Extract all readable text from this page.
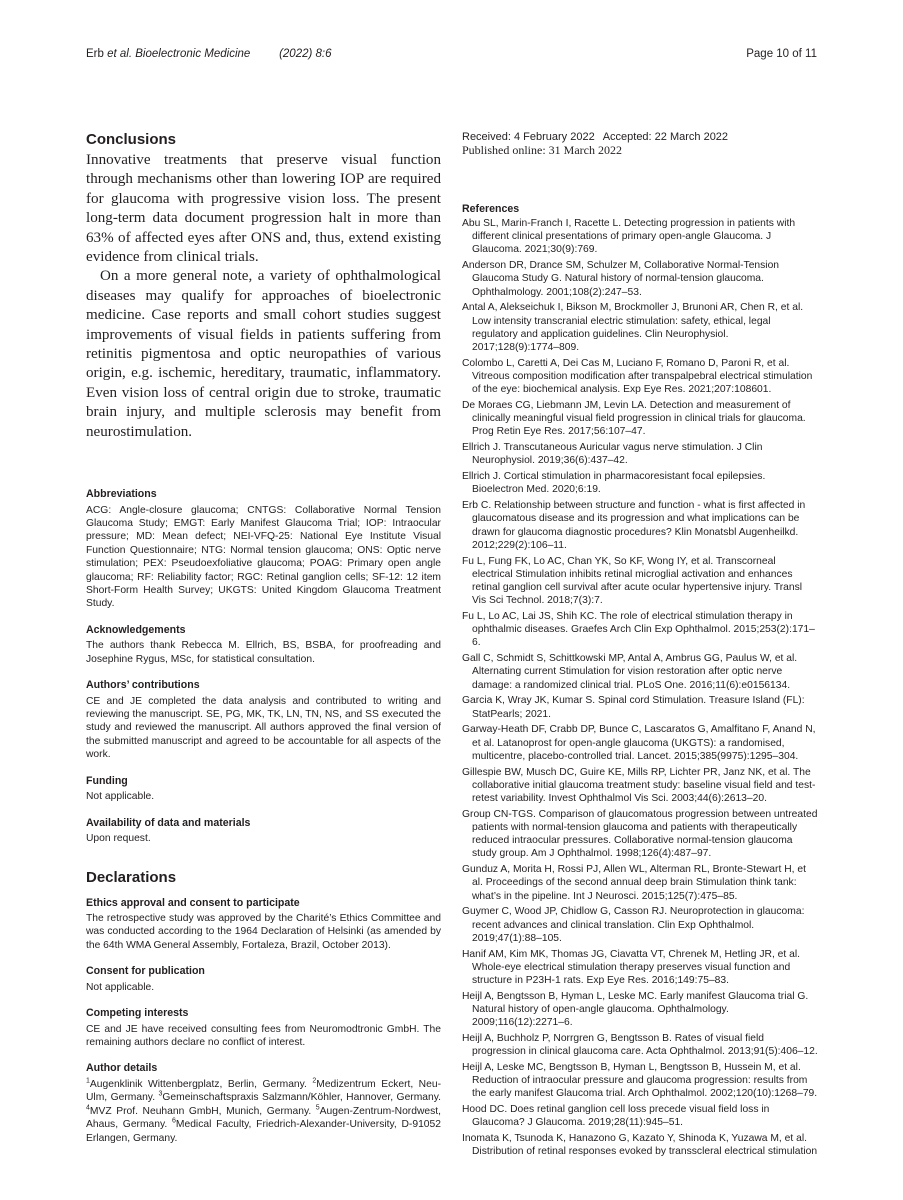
Erb et al. Bioelectronic Medicine	(2022) 8:6	Page 10 of 11
Conclusions

Innovative treatments that preserve visual function through mechanisms other than lowering IOP are required for glaucoma with progressive vision loss. The present long-term data document progression halt in more than 63% of affected eyes after ONS and, thus, extend existing evidence from clinical trials.

On a more general note, a variety of ophthalmological diseases may qualify for approaches of bioelectronic medicine. Case reports and small cohort studies suggest improvements of visual fields in patients suffering from retinitis pigmentosa and optic neuropathies of various origin, e.g. ischemic, hereditary, traumatic, inflammatory. Even vision loss of central origin due to stroke, traumatic brain injury, and multiple sclerosis may benefit from neurostimulation.

Abbreviations

ACG: Angle-closure glaucoma; CNTGS: Collaborative Normal Tension Glaucoma Study; EMGT: Early Manifest Glaucoma Trial; IOP: Intraocular pressure; MD: Mean defect; NEI-VFQ-25: National Eye Institute Visual Function Questionnaire; NTG: Normal tension glaucoma; ONS: Optic nerve stimulation; PEX: Pseudoexfoliative glaucoma; POAG: Primary open angle glaucoma; RF: Reliability factor; RGC: Retinal ganglion cells; SF-12: 12 item Short-Form Health Survey; UKGTS: United Kingdom Glaucoma Treatment Study.

Acknowledgements

The authors thank Rebecca M. Ellrich, BS, BSBA, for proofreading and Josephine Rygus, MSc, for statistical consultation.

Authors’ contributions

CE and JE completed the data analysis and contributed to writing and reviewing the manuscript. SE, PG, MK, TK, LN, TN, NS, and SS executed the study and reviewed the manuscript. All authors approved the final version of the submitted manuscript and agreed to be accountable for all aspects of the work.

Funding

Not applicable.

Availability of data and materials

Upon request.

Declarations
Ethics approval and consent to participate

The retrospective study was approved by the Charité’s Ethics Committee and was conducted according to the 1964 Declaration of Helsinki (as amended by the 64th WMA General Assembly, Fortaleza, Brazil, October 2013).

Consent for publication

Not applicable.

Competing interests

CE and JE have received consulting fees from Neuromodtronic GmbH. The remaining authors declare no conflict of interest.

Author details

$^1$Augenklinik Wittenbergplatz, Berlin, Germany. $^2$Medizentrum Eckert, Neu-Ulm, Germany. $^3$Gemeinschaftspraxis Salzmann/Köhler, Hannover, Germany. $^4$MVZ Prof. Neuhann GmbH, Munich, Germany. $^5$Augen-Zentrum-Nordwest, Ahaus, Germany. $^6$Medical Faculty, Friedrich-Alexander-University, D-91052 Erlangen, Germany.

Received: 4 February 2022 Accepted: 22 March 2022

Published online: 31 March 2022

References
Abu SL, Marin-Franch I, Racette L. Detecting progression in patients with different clinical presentations of primary open-angle Glaucoma. J Glaucoma. 2021;30(9):769.
Anderson DR, Drance SM, Schulzer M, Collaborative Normal-Tension Glaucoma Study G. Natural history of normal-tension glaucoma. Ophthalmology. 2001;108(2):247–53.
Antal A, Alekseichuk I, Bikson M, Brockmoller J, Brunoni AR, Chen R, et al. Low intensity transcranial electric stimulation: safety, ethical, legal regulatory and application guidelines. Clin Neurophysiol. 2017;128(9):1774–809.
Colombo L, Caretti A, Dei Cas M, Luciano F, Romano D, Paroni R, et al. Vitreous composition modification after transpalpebral electrical stimulation of the eye: biochemical analysis. Exp Eye Res. 2021;207:108601.
De Moraes CG, Liebmann JM, Levin LA. Detection and measurement of clinically meaningful visual field progression in clinical trials for glaucoma. Prog Retin Eye Res. 2017;56:107–47.
Ellrich J. Transcutaneous Auricular vagus nerve stimulation. J Clin Neurophysiol. 2019;36(6):437–42.
Ellrich J. Cortical stimulation in pharmacoresistant focal epilepsies. Bioelectron Med. 2020;6:19.
Erb C. Relationship between structure and function - what is first affected in glaucomatous disease and its progression and what implications can be drawn for glaucoma diagnostic procedures? Klin Monatsbl Augenheilkd. 2012;229(2):106–11.
Fu L, Fung FK, Lo AC, Chan YK, So KF, Wong IY, et al. Transcorneal electrical Stimulation inhibits retinal microglial activation and enhances retinal ganglion cell survival after acute ocular hypertensive injury. Transl Vis Sci Technol. 2018;7(3):7.
Fu L, Lo AC, Lai JS, Shih KC. The role of electrical stimulation therapy in ophthalmic diseases. Graefes Arch Clin Exp Ophthalmol. 2015;253(2):171–6.
Gall C, Schmidt S, Schittkowski MP, Antal A, Ambrus GG, Paulus W, et al. Alternating current Stimulation for vision restoration after optic nerve damage: a randomized clinical trial. PLoS One. 2016;11(6):e0156134.
Garcia K, Wray JK, Kumar S. Spinal cord Stimulation. Treasure Island (FL): StatPearls; 2021.
Garway-Heath DF, Crabb DP, Bunce C, Lascaratos G, Amalfitano F, Anand N, et al. Latanoprost for open-angle glaucoma (UKGTS): a randomised, multicentre, placebo-controlled trial. Lancet. 2015;385(9975):1295–304.
Gillespie BW, Musch DC, Guire KE, Mills RP, Lichter PR, Janz NK, et al. The collaborative initial glaucoma treatment study: baseline visual field and test-retest variability. Invest Ophthalmol Vis Sci. 2003;44(6):2613–20.
Group CN-TGS. Comparison of glaucomatous progression between untreated patients with normal-tension glaucoma and patients with therapeutically reduced intraocular pressures. Collaborative normal-tension glaucoma study group. Am J Ophthalmol. 1998;126(4):487–97.
Gunduz A, Morita H, Rossi PJ, Allen WL, Alterman RL, Bronte-Stewart H, et al. Proceedings of the second annual deep brain Stimulation think tank: what’s in the pipeline. Int J Neurosci. 2015;125(7):475–85.
Guymer C, Wood JP, Chidlow G, Casson RJ. Neuroprotection in glaucoma: recent advances and clinical translation. Clin Exp Ophthalmol. 2019;47(1):88–105.
Hanif AM, Kim MK, Thomas JG, Ciavatta VT, Chrenek M, Hetling JR, et al. Whole-eye electrical stimulation therapy preserves visual function and structure in P23H-1 rats. Exp Eye Res. 2016;149:75–83.
Heijl A, Bengtsson B, Hyman L, Leske MC. Early manifest Glaucoma trial G. Natural history of open-angle glaucoma. Ophthalmology. 2009;116(12):2271–6.
Heijl A, Buchholz P, Norrgren G, Bengtsson B. Rates of visual field progression in clinical glaucoma care. Acta Ophthalmol. 2013;91(5):406–12.
Heijl A, Leske MC, Bengtsson B, Hyman L, Bengtsson B, Hussein M, et al. Reduction of intraocular pressure and glaucoma progression: results from the early manifest Glaucoma trial. Arch Ophthalmol. 2002;120(10):1268–79.
Hood DC. Does retinal ganglion cell loss precede visual field loss in Glaucoma? J Glaucoma. 2019;28(11):945–51.
Inomata K, Tsunoda K, Hanazono G, Kazato Y, Shinoda K, Yuzawa M, et al. Distribution of retinal responses evoked by transscleral electrical stimulation
